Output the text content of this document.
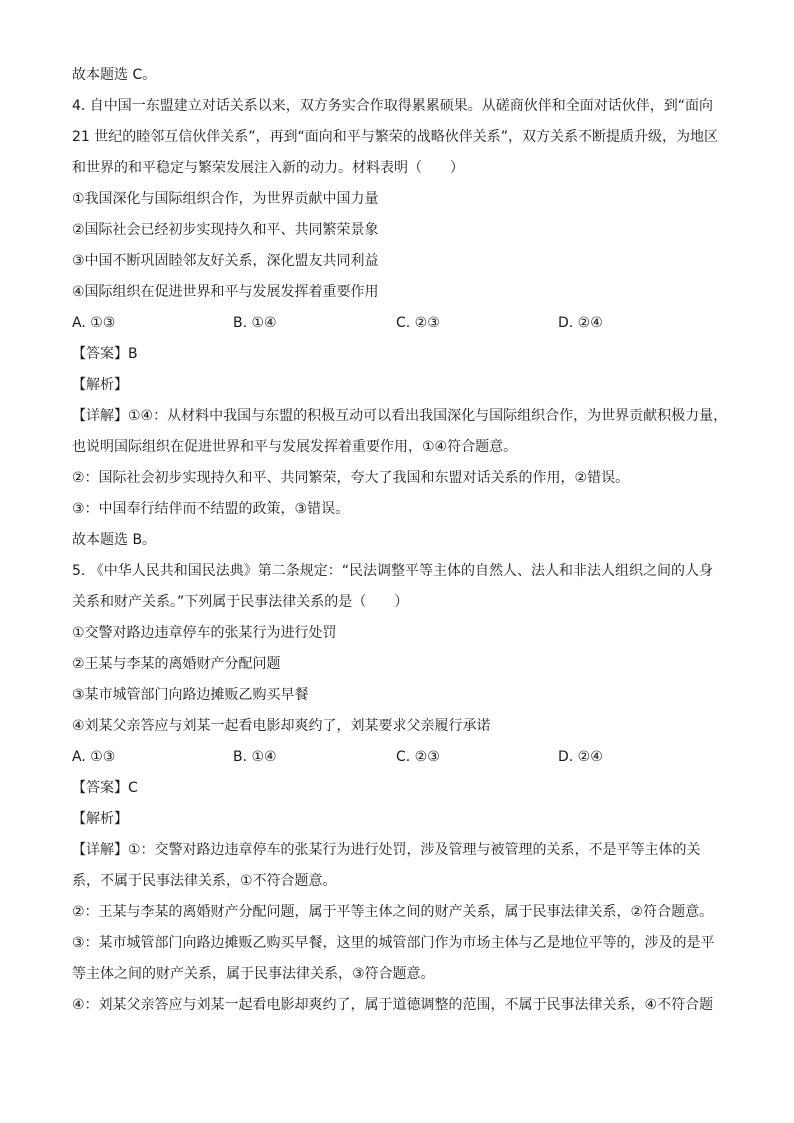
故本题选 C。
4. 自中国一东盟建立对话关系以来，双方务实合作取得累累硕果。从磋商伙伴和全面对话伙伴，到“面向
21 世纪的睦邻互信伙伴关系”，再到“面向和平与繁荣的战略伙伴关系”，双方关系不断提质升级，为地区
和世界的和平稳定与繁荣发展注入新的动力。材料表明（　　）
①我国深化与国际组织合作，为世界贡献中国力量
②国际社会已经初步实现持久和平、共同繁荣景象
③中国不断巩固睦邻友好关系，深化盟友共同利益
④国际组织在促进世界和平与发展发挥着重要作用
A. ①③	B. ①④	C. ②③	D. ②④
【答案】B
【解析】
【详解】①④：从材料中我国与东盟的积极互动可以看出我国深化与国际组织合作，为世界贡献积极力量，
也说明国际组织在促进世界和平与发展发挥着重要作用，①④符合题意。
②：国际社会初步实现持久和平、共同繁荣，夸大了我国和东盟对话关系的作用，②错误。
③：中国奉行结伴而不结盟的政策，③错误。
故本题选 B。
5. 《中华人民共和国民法典》第二条规定：“民法调整平等主体的自然人、法人和非法人组织之间的人身
关系和财产关系。”下列属于民事法律关系的是（　　）
①交警对路边违章停车的张某行为进行处罚
②王某与李某的离婚财产分配问题
③某市城管部门向路边摊贩乙购买早餐
④刘某父亲答应与刘某一起看电影却爽约了，刘某要求父亲履行承诺
A. ①③	B. ①④	C. ②③	D. ②④
【答案】C
【解析】
【详解】①：交警对路边违章停车的张某行为进行处罚，涉及管理与被管理的关系，不是平等主体的关
系，不属于民事法律关系，①不符合题意。
②：王某与李某的离婚财产分配问题，属于平等主体之间的财产关系，属于民事法律关系，②符合题意。
③：某市城管部门向路边摊贩乙购买早餐，这里的城管部门作为市场主体与乙是地位平等的，涉及的是平
等主体之间的财产关系，属于民事法律关系，③符合题意。
④：刘某父亲答应与刘某一起看电影却爽约了，属于道德调整的范围，不属于民事法律关系，④不符合题
